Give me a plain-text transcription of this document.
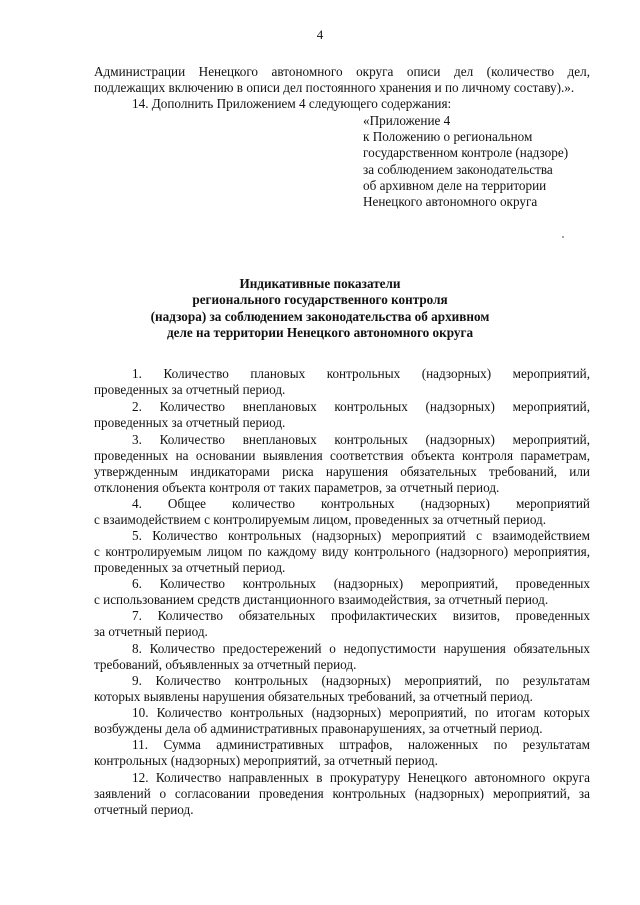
4

Администрации Ненецкого автономного округа описи дел (количество дел,

подлежащих включению в описи дел постоянного хранения и по личному составу).».

14. Дополнить Приложением 4 следующего содержания:

«Приложение 4
к Положению о региональном
государственном контроле (надзоре)
за соблюдением законодательства
об архивном деле на территории
Ненецкого автономного округа
Индикативные показатели
регионального государственного контроля
(надзора) за соблюдением законодательства об архивном
деле на территории Ненецкого автономного округа

1. Количество плановых контрольных (надзорных) мероприятий,

проведенных за отчетный период.

2. Количество внеплановых контрольных (надзорных) мероприятий,

проведенных за отчетный период.

3. Количество внеплановых контрольных (надзорных) мероприятий,

проведенных на основании выявления соответствия объекта контроля параметрам, утвержденным индикаторами риска нарушения обязательных требований, или отклонения объекта контроля от таких параметров, за отчетный период.

4. Общее количество контрольных (надзорных) мероприятий

с взаимодействием с контролируемым лицом, проведенных за отчетный период.

5. Количество контрольных (надзорных) мероприятий с взаимодействием

с контролируемым лицом по каждому виду контрольного (надзорного) мероприятия, проведенных за отчетный период.

6. Количество контрольных (надзорных) мероприятий, проведенных

с использованием средств дистанционного взаимодействия, за отчетный период.

7. Количество обязательных профилактических визитов, проведенных

за отчетный период.

8. Количество предостережений о недопустимости нарушения обязательных

требований, объявленных за отчетный период.

9. Количество контрольных (надзорных) мероприятий, по результатам

которых выявлены нарушения обязательных требований, за отчетный период.

10. Количество контрольных (надзорных) мероприятий, по итогам которых

возбуждены дела об административных правонарушениях, за отчетный период.

11. Сумма административных штрафов, наложенных по результатам

контрольных (надзорных) мероприятий, за отчетный период.

12. Количество направленных в прокуратуру Ненецкого автономного округа

заявлений о согласовании проведения контрольных (надзорных) мероприятий, за отчетный период.
